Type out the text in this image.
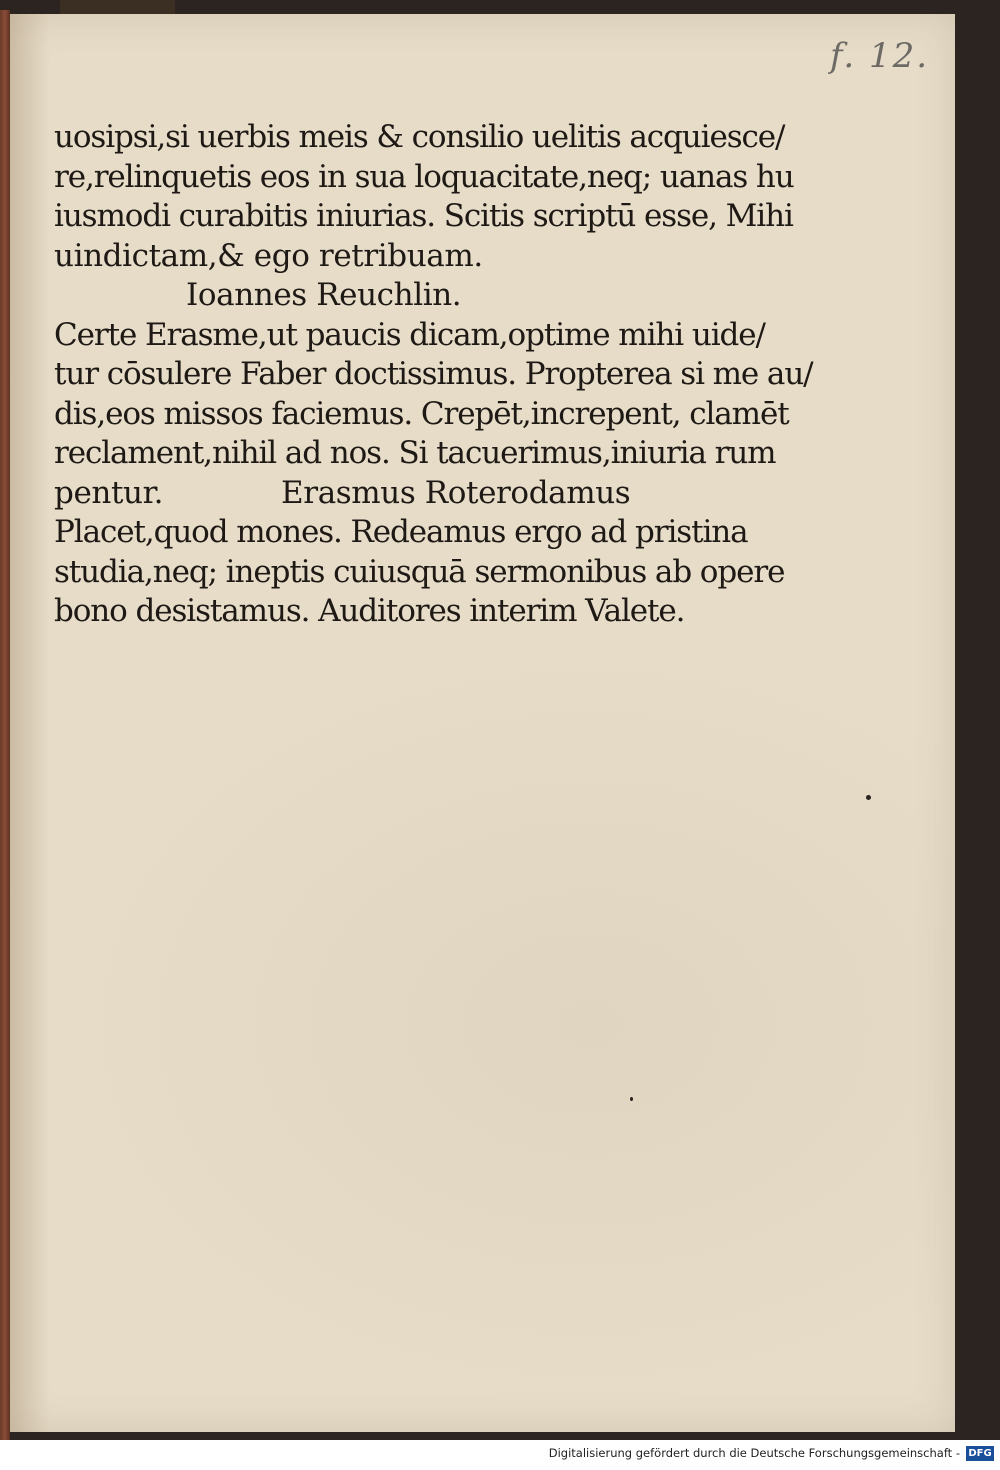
f. 12.
uosipsi,si uerbis meis & consilio uelitis acquiesce/
re,relinquetis eos in sua loquacitate,neq; uanas hu
iusmodi curabitis iniurias. Scitis scriptū esse, Mihi
uindictam,& ego retribuam.
Ioannes Reuchlin.
Certe Erasme,ut paucis dicam,optime mihi uide/
tur cōsulere Faber doctissimus. Propterea si me au/
dis,eos missos faciemus. Crepēt,increpent, clamēt
reclament,nihil ad nos. Si tacuerimus,iniuria rum
pentur.	Erasmus Roterodamus
Placet,quod mones. Redeamus ergo ad pristina
studia,neq; ineptis cuiusquā sermonibus ab opere
bono desistamus. Auditores interim Valete.
Digitalisierung gefördert durch die Deutsche Forschungsgemeinschaft - DFG
